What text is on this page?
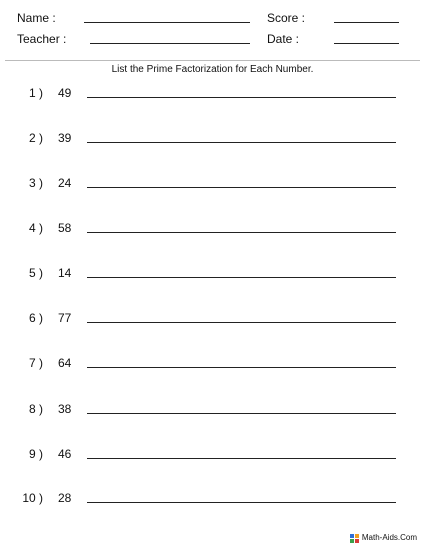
Name :	Score :
Teacher :	Date :
List the Prime Factorization for Each Number.
1 ) 49
2 ) 39
3 ) 24
4 ) 58
5 ) 14
6 ) 77
7 ) 64
8 ) 38
9 ) 46
10 ) 28
Math-Aids.Com
